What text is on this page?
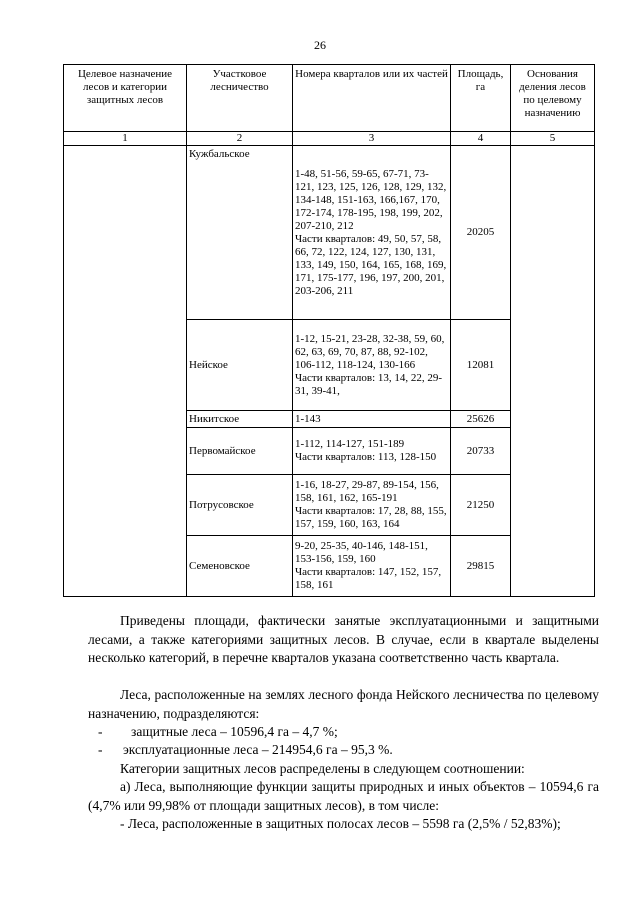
26
Целевое назначение лесов и категории защитных лесов	Участковое лесничество	Номера кварталов или их частей	Площадь, га	Основания деления лесов по целевому назначению
1	2	3	4	5
	Кужбальское	1-48, 51-56, 59-65, 67-71, 73-121, 123, 125, 126, 128, 129, 132, 134-148, 151-163, 166,167, 170, 172-174, 178-195, 198, 199, 202, 207-210, 212
Части кварталов: 49, 50, 57, 58, 66, 72, 122, 124, 127, 130, 131, 133, 149, 150, 164, 165, 168, 169, 171, 175-177, 196, 197, 200, 201, 203-206, 211	20205	
	Нейское	1-12, 15-21, 23-28, 32-38, 59, 60, 62, 63, 69, 70, 87, 88, 92-102, 106-112, 118-124, 130-166
Части кварталов: 13, 14, 22, 29-31, 39-41,	12081	
	Никитское	1-143	25626	
	Первомайское	1-112, 114-127, 151-189
Части кварталов: 113, 128-150	20733	
	Потрусовское	1-16, 18-27, 29-87, 89-154, 156, 158, 161, 162, 165-191
Части кварталов: 17, 28, 88, 155, 157, 159, 160, 163, 164	21250	
	Семеновское	9-20, 25-35, 40-146, 148-151, 153-156, 159, 160
Части кварталов: 147, 152, 157, 158, 161	29815	
Приведены площади, фактически занятые эксплуатационными и защитными лесами, а также категориями защитных лесов. В случае, если в квартале выделены несколько категорий, в перечне кварталов указана соответственно часть квартала.
Леса, расположенные на землях лесного фонда Нейского лесничества по целевому назначению, подразделяются:
- защитные леса – 10596,4 га – 4,7 %;
- эксплуатационные леса – 214954,6 га – 95,3 %.
Категории защитных лесов распределены в следующем соотношении:
а) Леса, выполняющие функции защиты природных и иных объектов – 10594,6 га (4,7% или 99,98% от площади защитных лесов), в том числе:
- Леса, расположенные в защитных полосах лесов – 5598 га (2,5% / 52,83%);
